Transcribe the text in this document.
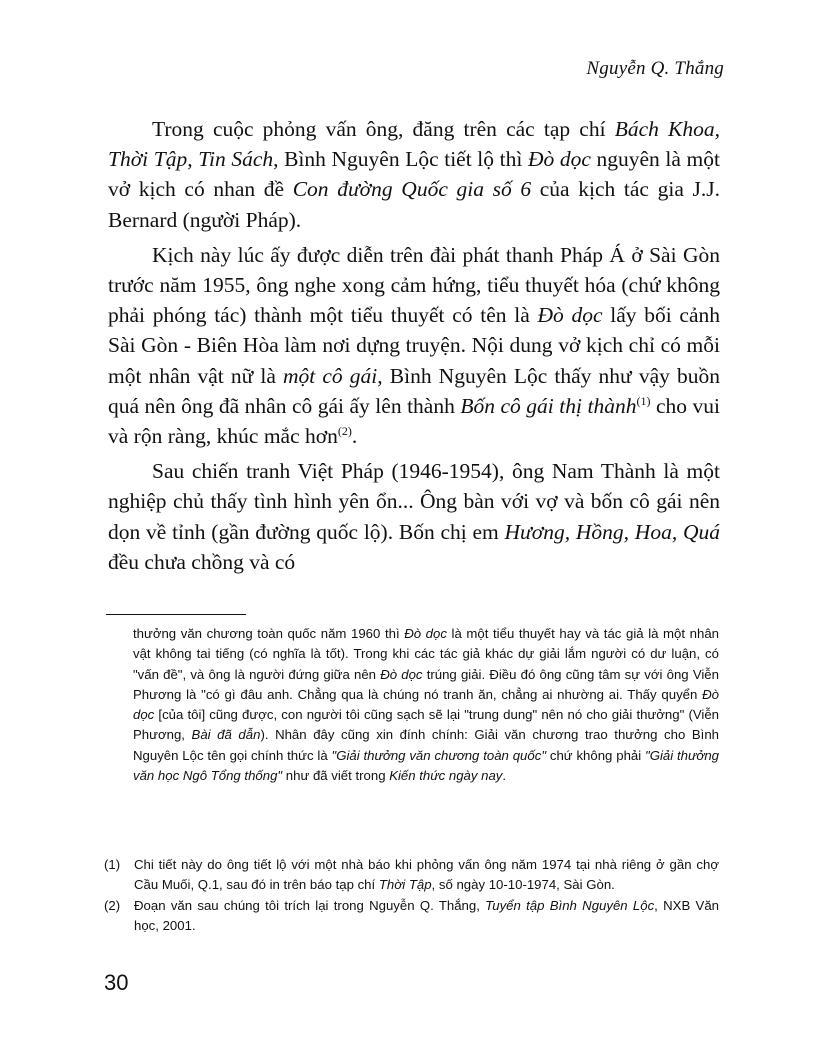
Nguyễn Q. Thắng

Trong cuộc phỏng vấn ông, đăng trên các tạp chí Bách Khoa, Thời Tập, Tin Sách, Bình Nguyên Lộc tiết lộ thì Đò dọc nguyên là một vở kịch có nhan đề Con đường Quốc gia số 6 của kịch tác gia J.J. Bernard (người Pháp).

Kịch này lúc ấy được diễn trên đài phát thanh Pháp Á ở Sài Gòn trước năm 1955, ông nghe xong cảm hứng, tiểu thuyết hóa (chứ không phải phóng tác) thành một tiểu thuyết có tên là Đò dọc lấy bối cảnh Sài Gòn - Biên Hòa làm nơi dựng truyện. Nội dung vở kịch chỉ có mỗi một nhân vật nữ là một cô gái, Bình Nguyên Lộc thấy như vậy buồn quá nên ông đã nhân cô gái ấy lên thành Bốn cô gái thị thành$^{(1)}$ cho vui và rộn ràng, khúc mắc hơn$^{(2)}$.

Sau chiến tranh Việt Pháp (1946-1954), ông Nam Thành là một nghiệp chủ thấy tình hình yên ổn... Ông bàn với vợ và bốn cô gái nên dọn về tỉnh (gần đường quốc lộ). Bốn chị em Hương, Hồng, Hoa, Quá đều chưa chồng và có

thưởng văn chương toàn quốc năm 1960 thì Đò dọc là một tiểu thuyết hay và tác giả là một nhân vật không tai tiếng (có nghĩa là tốt). Trong khi các tác giả khác dự giải lắm người có dư luận, có "vấn đề", và ông là người đứng giữa nên Đò dọc trúng giải. Điều đó ông cũng tâm sự với ông Viễn Phương là "có gì đâu anh. Chẳng qua là chúng nó tranh ăn, chẳng ai nhường ai. Thấy quyển Đò dọc [của tôi] cũng được, con người tôi cũng sạch sẽ lại "trung dung" nên nó cho giải thưởng" (Viễn Phương, Bài đã dẫn). Nhân đây cũng xin đính chính: Giải văn chương trao thưởng cho Bình Nguyên Lộc tên gọi chính thức là "Giải thưởng văn chương toàn quốc" chứ không phải "Giải thưởng văn học Ngô Tổng thống" như đã viết trong Kiến thức ngày nay.
(1)	Chi tiết này do ông tiết lộ với một nhà báo khi phỏng vấn ông năm 1974 tại nhà riêng ở gần chợ Cầu Muối, Q.1, sau đó in trên báo tạp chí Thời Tập, số ngày 10-10-1974, Sài Gòn.
(2)	Đoạn văn sau chúng tôi trích lại trong Nguyễn Q. Thắng, Tuyển tập Bình Nguyên Lộc, NXB Văn học, 2001.
30
